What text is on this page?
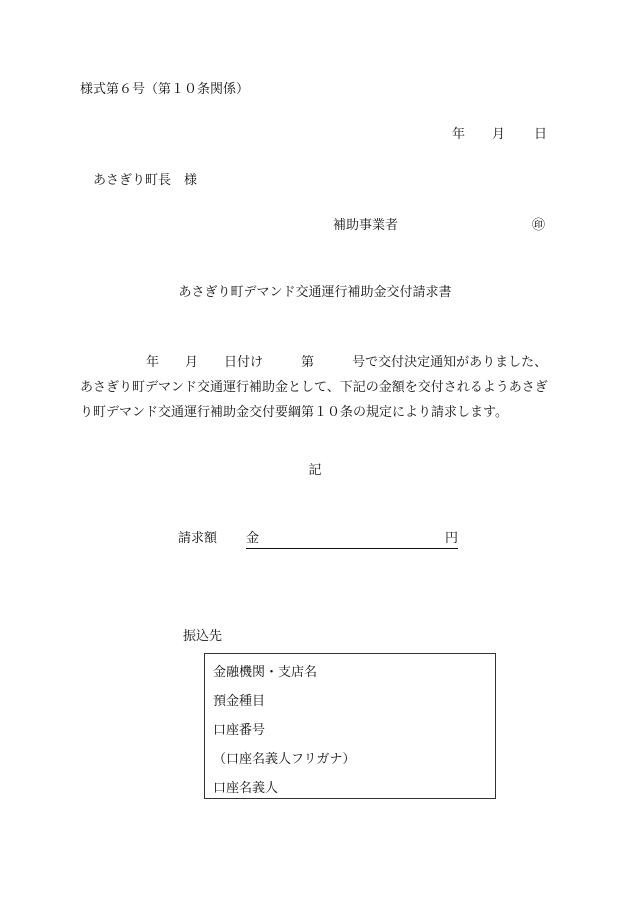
様式第６号（第１０条関係）
年 月 日
あさぎり町長　様
補助事業者	㊞
あさぎり町デマンド交通運行補助金交付請求書
年 月 日付け	第	号で交付決定通知がありました、
あさぎり町デマンド交通運行補助金として、下記の金額を交付されるようあさぎ
り町デマンド交通運行補助金交付要綱第１０条の規定により請求します。
記
請求額 金	円
振込先
金融機関・支店名
預金種目
口座番号
（口座名義人フリガナ）
口座名義人
